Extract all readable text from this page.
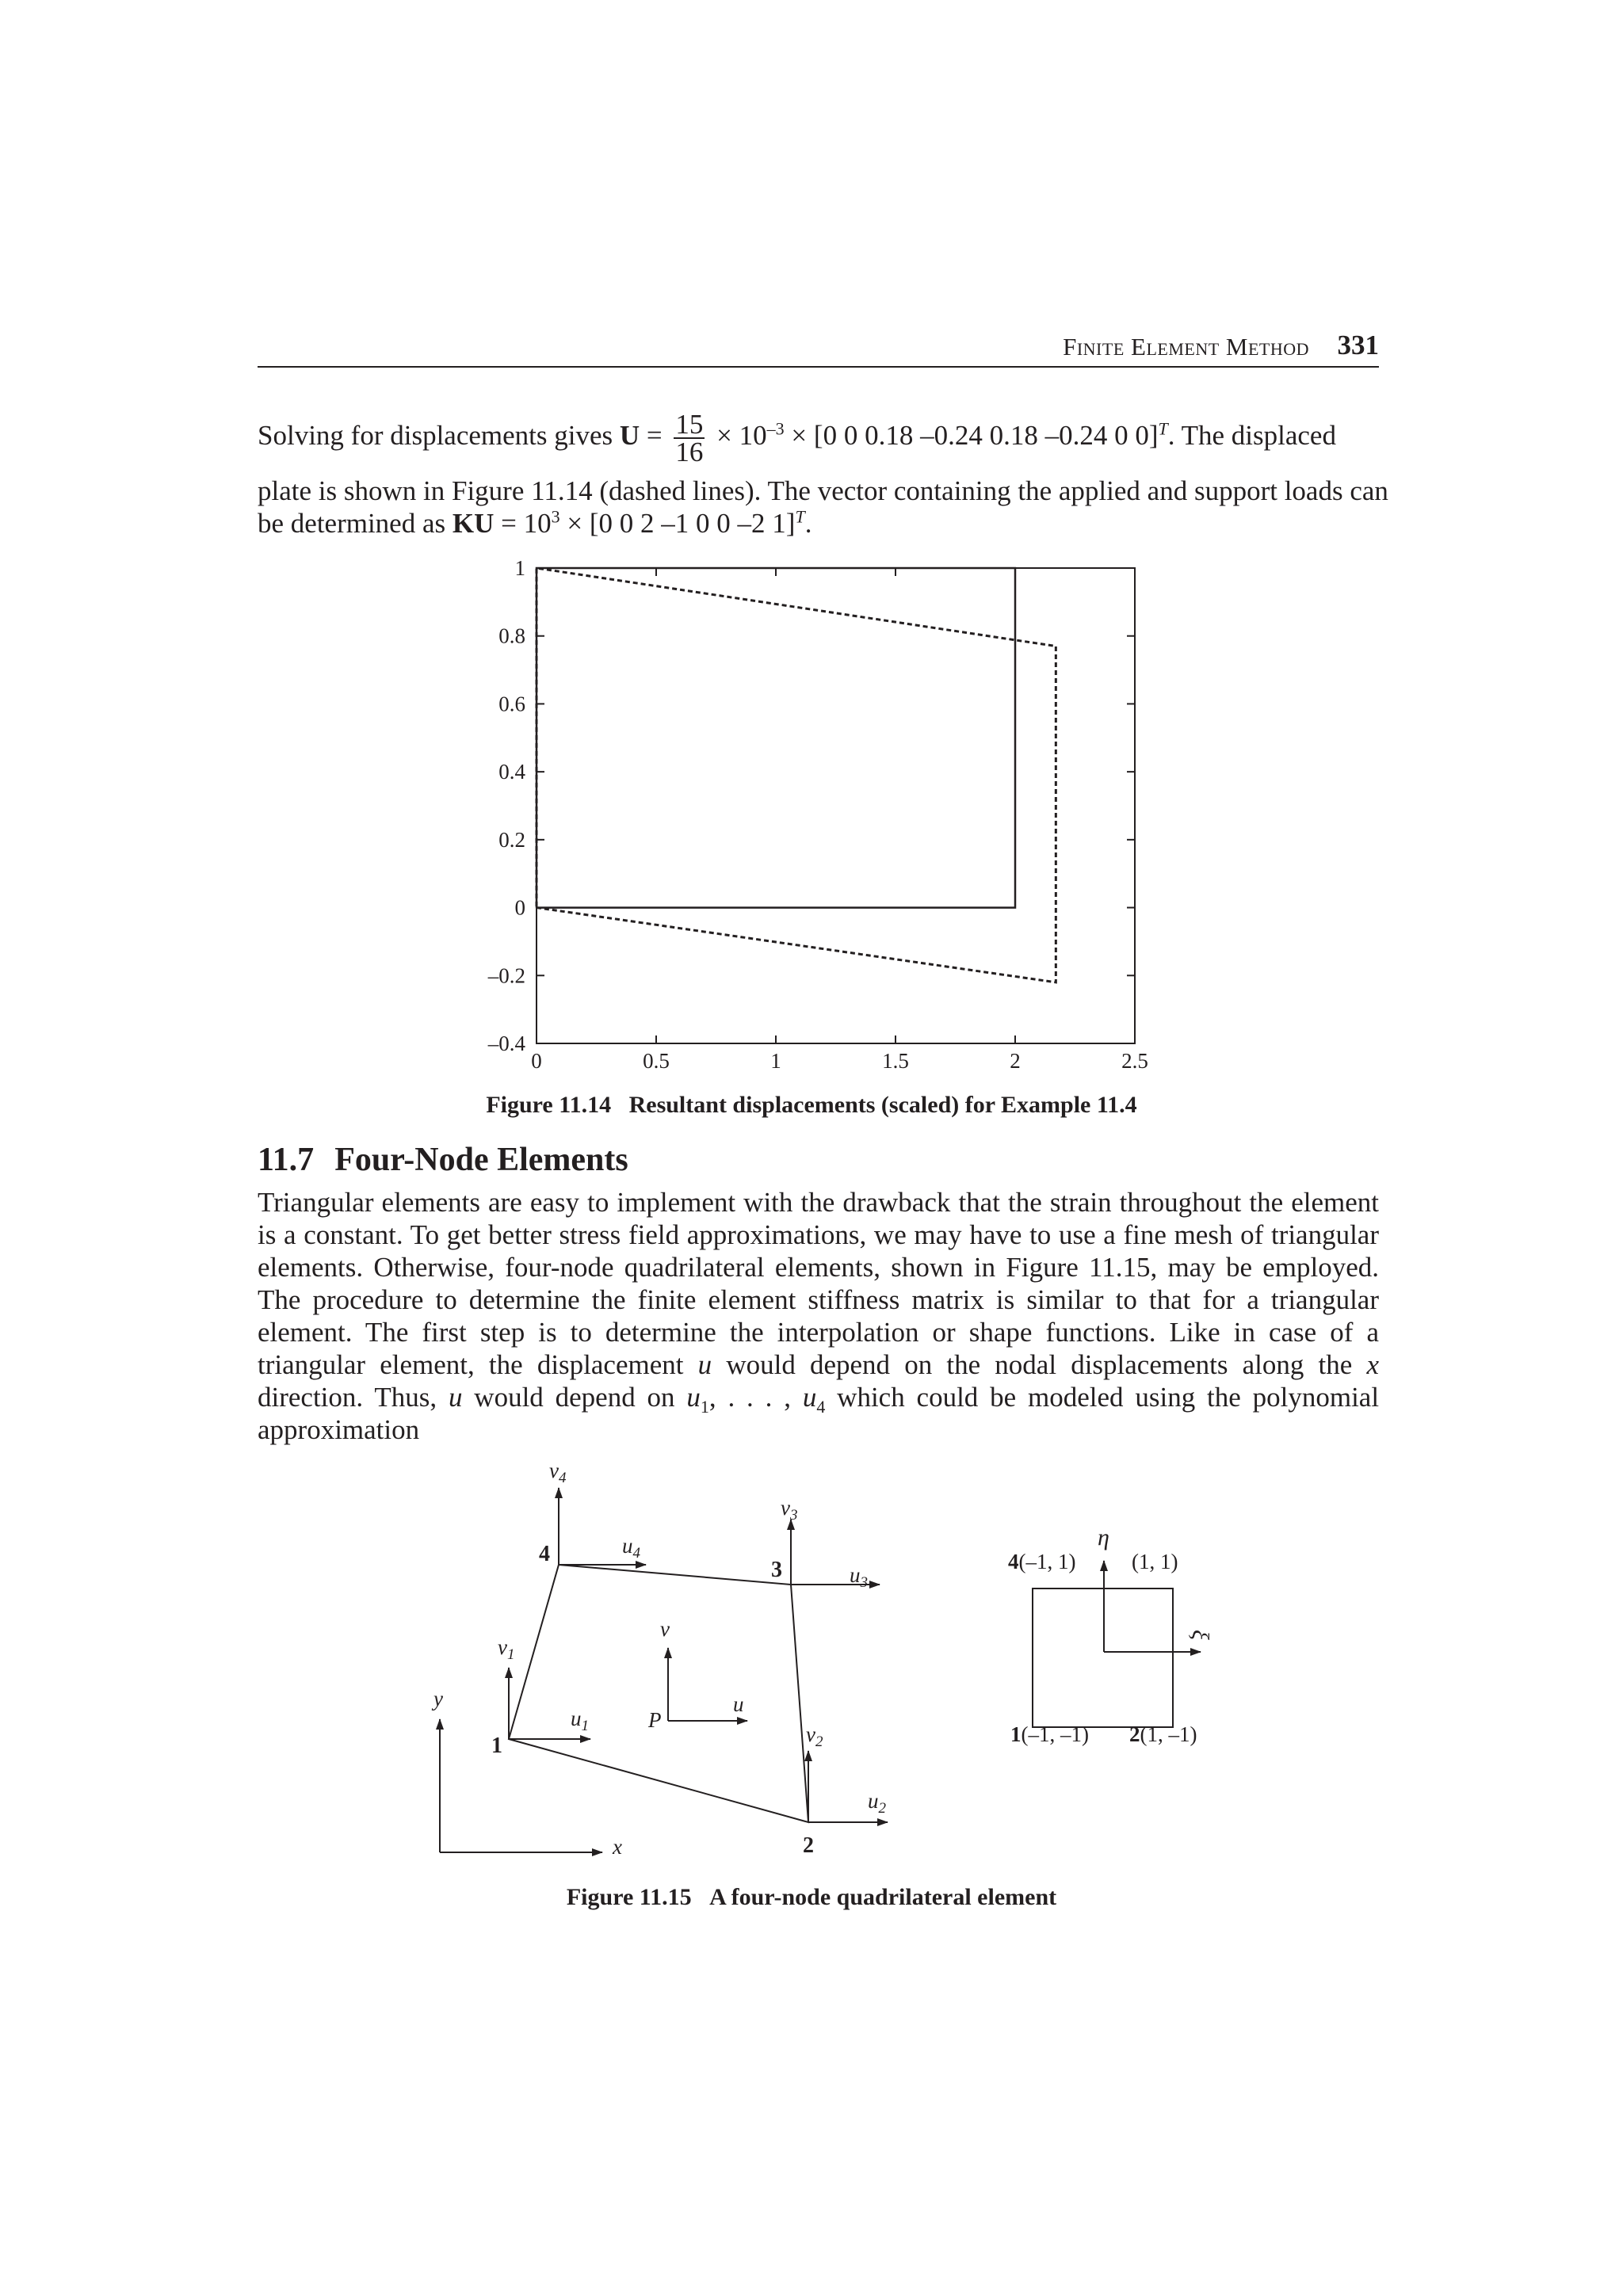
Finite Element Method 331
Solving for displacements gives $U = \frac{15}{16} \times 10^{-3} \times [0$ 0 0.18 –0.24 0.18 –0.24 0 0]$^T$. The displaced
plate is shown in Figure 11.14 (dashed lines). The vector containing the applied and support loads can
be determined as KU = $10^3 \times [0$ 0 2 –1 0 0 –2 1]$^T$.
0	0.5	1	1.5	2	2.5
1
0.8
0.6
0.4
0.2
0
–0.2
–0.4
Figure 11.14 Resultant displacements (scaled) for Example 11.4
11.7 Four-Node Elements
Triangular elements are easy to implement with the drawback that the strain throughout the element is a constant. To get better stress field approximations, we may have to use a fine mesh of triangular elements. Otherwise, four-node quadrilateral elements, shown in Figure 11.15, may be employed. The procedure to determine the finite element stiffness matrix is similar to that for a triangular element. The first step is to determine the interpolation or shape functions. Like in case of a triangular element, the displacement u would depend on the nodal displacements along the x direction. Thus, u would depend on $u_1$, . . . , $u_4$ which could be modeled using the polynomial approximation
1
2
3
4
$v_4$
$u_4$
$v_3$
$u_3$
$v_1$
$u_1$	$v_2$
$u_2$
v
u
P
x
y
η
ξ
4(–1, 1)	(1, 1)
1(–1, –1) 2(1, –1)
Figure 11.15 A four-node quadrilateral element
